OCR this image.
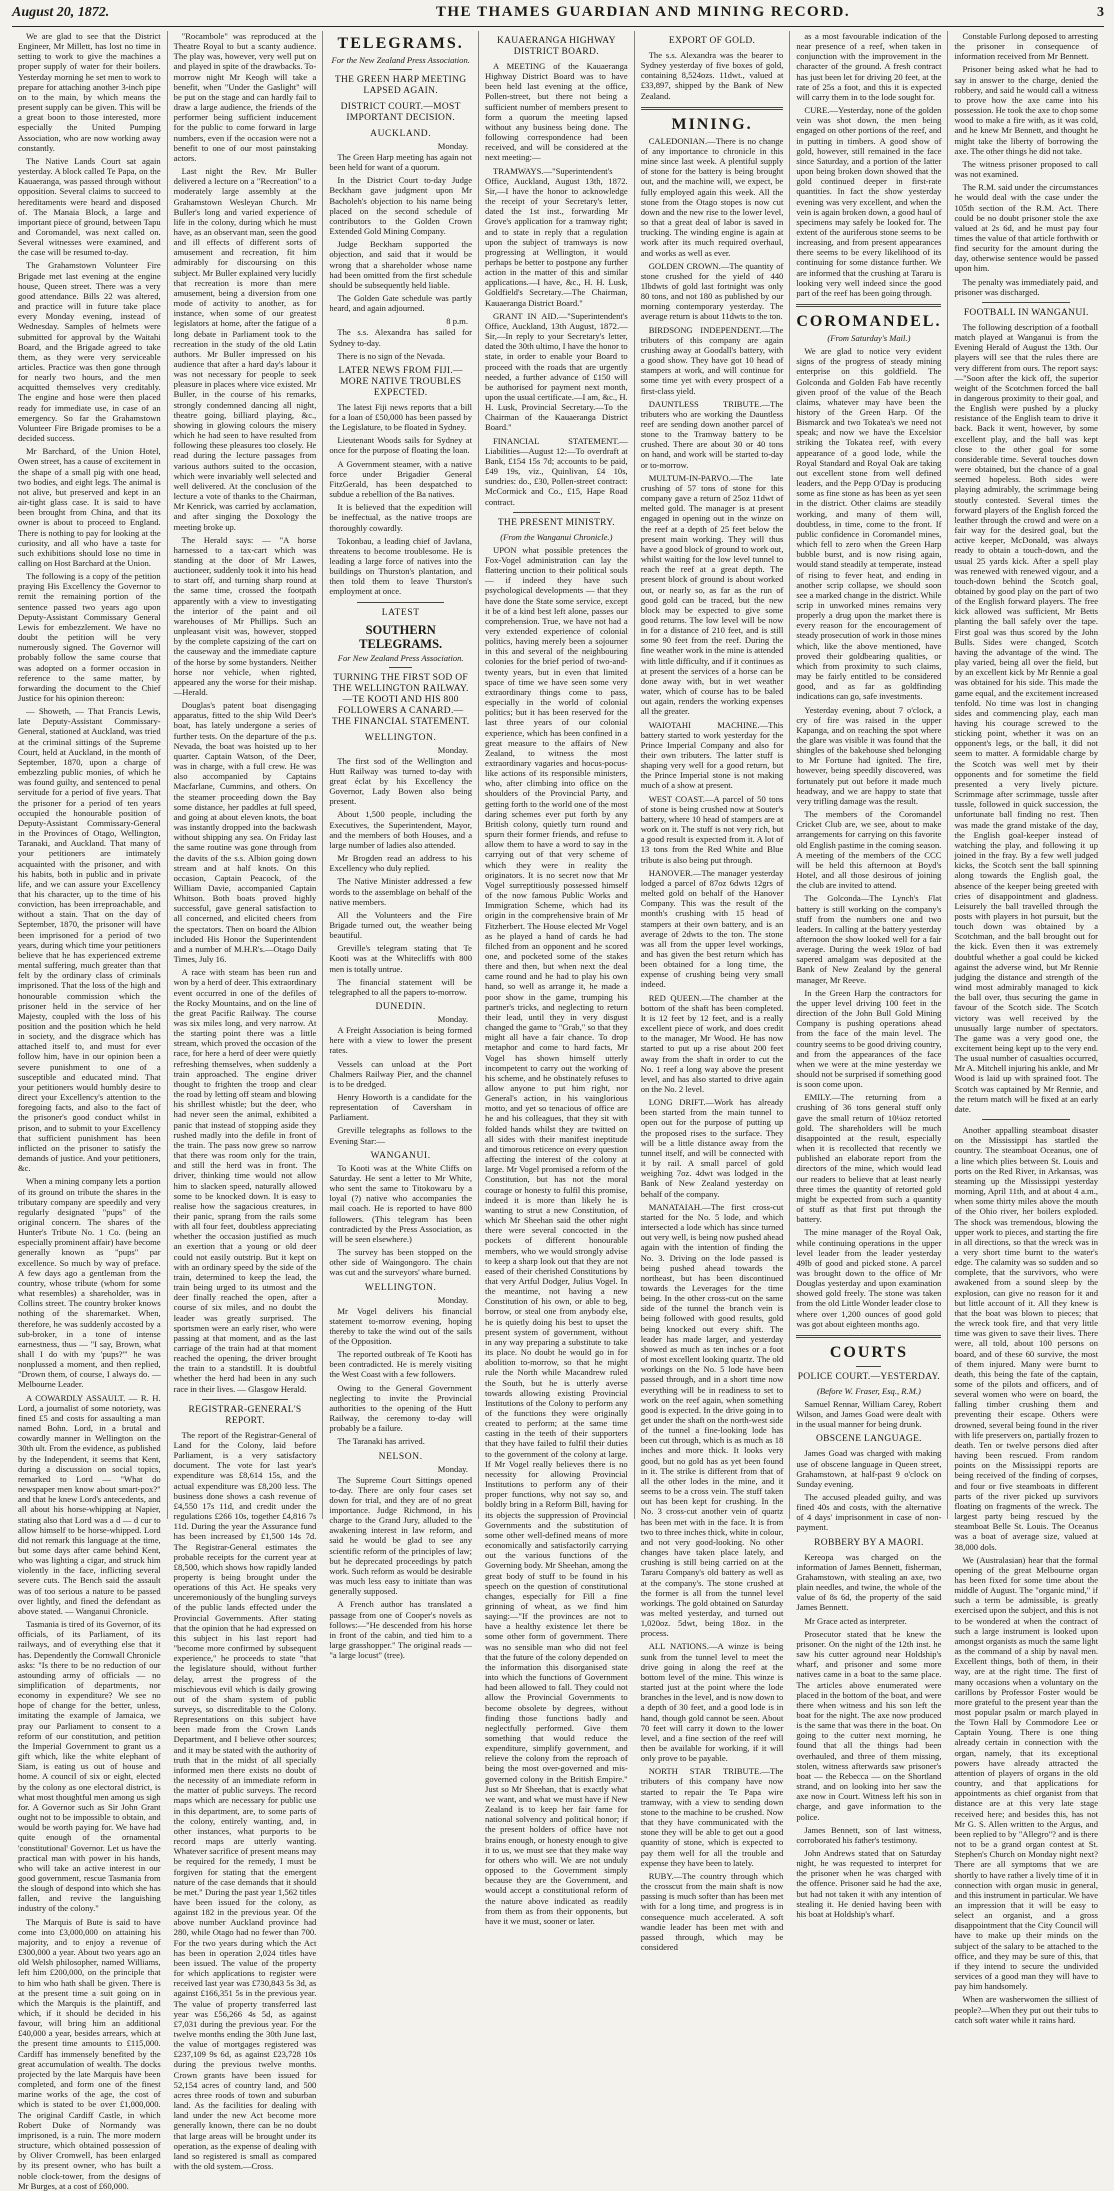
August 20, 1872.	THE THAMES GUARDIAN AND MINING RECORD.	3

We are glad to see that the District Engineer, Mr Millett, has lost no time in setting to work to give the machines a proper supply of water for their boilers. Yesterday morning he set men to work to prepare for attaching another 3-inch pipe on to the main, by which means the present supply can be given. This will be a great boon to those interested, more especially the United Pumping Association, who are now working away constantly.

The Native Lands Court sat again yesterday. A block called Te Papa, on the Kauaeranga, was passed through without opposition. Several claims to succeed to hereditaments were heard and disposed of. The Manaia Block, a large and important piece of ground, between Tapu and Coromandel, was next called on. Several witnesses were examined, and the case will be resumed to-day.

The Grahamstown Volunteer Fire Brigade met last evening at the engine house, Queen street. There was a very good attendance. Bills 22 was altered, and practice will in future take place every Monday evening, instead of Wednesday. Samples of helmets were submitted for approval by the Waitahi Board, and the Brigade agreed to take them, as they were very serviceable articles. Practice was then gone through for nearly two hours, and the men acquitted themselves very creditably. The engine and hose were then placed ready for immediate use, in case of an emergency. So far the Grahamstown Volunteer Fire Brigade promises to be a decided success.

Mr Barchard, of the Union Hotel, Owen street, has a cause of excitement in the shape of a small pig with one head, two bodies, and eight legs. The animal is not alive, but preserved and kept in an air-tight glass case. It is said to have been brought from China, and that its owner is about to proceed to England. There is nothing to pay for looking at the curiosity, and all who have a taste for such exhibitions should lose no time in calling on Host Barchard at the Union.

The following is a copy of the petition praying His Excellency the Governor to remit the remaining portion of the sentence passed two years ago upon Deputy-Assistant Commissary General Lewis for embezzlement. We have no doubt the petition will be very numerously signed. The Governor will probably follow the same course that was adopted on a former occasion in reference to the same matter, by forwarding the document to the Chief Justice for his opinion thereon:

— Showeth, — That Francis Lewis, late Deputy-Assistant Commissary-General, stationed at Auckland, was tried at the criminal sittings of the Supreme Court, held at Auckland, in the month of September, 1870, upon a charge of embezzling public monies, of which he was found guilty, and sentenced to penal servitude for a period of five years. That the prisoner for a period of ten years occupied the honourable position of Deputy-Assistant Commissary-General in the Provinces of Otago, Wellington, Taranaki, and Auckland. That many of your petitioners are intimately acquainted with the prisoner, and with his habits, both in public and in private life, and we can assure your Excellency that his character, up to the time of his conviction, has been irreproachable, and without a stain. That on the day of September, 1870, the prisoner will have been imprisoned for a period of two years, during which time your petitioners believe that he has experienced extreme mental suffering, much greater than that felt by the ordinary class of criminals imprisoned. That the loss of the high and honourable commission which the prisoner held in the service of her Majesty, coupled with the loss of his position and the position which he held in society, and the disgrace which has attached itself to, and must for ever follow him, have in our opinion been a severe punishment to one of a susceptible and educated mind. That your petitioners would humbly desire to direct your Excellency's attention to the foregoing facts, and also to the fact of the prisoner's good conduct whilst in prison, and to submit to your Excellency that sufficient punishment has been inflicted on the prisoner to satisfy the demands of justice. And your petitioners, &c.

When a mining company lets a portion of its ground on tribute the shares in the tributary company are speedily and very regularly designated "pups" of the original concern. The shares of the Hunter's Tribute No. 1 Co. (being an especially prominent affair) have become generally known as "pups" par excellence. So much by way of preface. A few days ago a gentleman from the country, whose tribute (whom for some what resembles) a shareholder, was in Collins street. The country broker knows nothing of the sharemarket. When, therefore, he was suddenly accosted by a sub-broker, in a tone of intense earnestness, thus — "I say, Brown, what shall I do with my 'pups?'" he was nonplussed a moment, and then replied, "Drown them, of course, I always do. — Melbourne Leader.

A COWARDLY ASSAULT. — R. H. Lord, a journalist of some notoriety, was fined £5 and costs for assaulting a man named Bohn. Lord, in a brutal and cowardly manner in Wellington on the 30th ult. From the evidence, as published by the Independent, it seems that Kent, during a discussion on social topics, remarked to Lord — "What do newspaper men know about smart-pox?" and that he knew Lord's antecedents, and all about his horse-whipping at Napier, stating also that Lord was a d — d cur to allow himself to be horse-whipped. Lord did not remark this language at the time, but some days after came behind Kent, who was lighting a cigar, and struck him violently in the face, inflicting several severe cuts. The Bench said the assault was of too serious a nature to be passed over lightly, and fined the defendant as above stated. — Wanganui Chronicle.

Tasmania is tired of its Governor, of its officials, of its Parliament, of its railways, and of everything else that it has. Dependently the Cornwall Chronicle asks: "Is there to be no reduction of our astounding army of officials — no simplification of departments, nor economy in expenditure? We see no hope of change for the better, unless, imitating the example of Jamaica, we pray our Parliament to consent to a reform of our constitution, and petition the Imperial Government to grant us a gift which, like the white elephant of Siam, is eating us out of house and home. A council of six or eight, elected by the colony as one electoral district, is what most thoughtful men among us sigh for. A Governor such as Sir John Grant ought not to be impossible to obtain, and would be worth paying for. We have had quite enough of the ornamental 'constitutional' Governor. Let us have the practical man with power in his hands, who will take an active interest in our good government, rescue Tasmania from the slough of despond into which she has fallen, and revive the languishing industry of the colony."

The Marquis of Bute is said to have come into £3,000,000 on attaining his majority, and to enjoy a revenue of £300,000 a year. About two years ago an old Welsh philosopher, named Williams, left him £200,000, on the principle that to him who hath shall be given. There is at the present time a suit going on in which the Marquis is the plaintiff, and which, if it should be decided in his favour, will bring him an additional £40,000 a year, besides arrears, which at the present time amounts to £115,000. Cardiff has immensely benefited by the great accumulation of wealth. The docks projected by the late Marquis have been completed, and form one of the finest marine works of the age, the cost of which is stated to be over £1,000,000. The original Cardiff Castle, in which Robert Duke of Normandy was imprisoned, is a ruin. The more modern structure, which obtained possession of by Oliver Cromwell, has been enlarged by its present owner, who has built a noble clock-tower, from the designs of Mr Burges, at a cost of £60,000.

"Rocambole" was reproduced at the Theatre Royal to but a scanty audience. The play was, however, very well put on and played in spite of the drawbacks. To-morrow night Mr Keogh will take a benefit, when "Under the Gaslight" will be put on the stage and can hardly fail to draw a large audience, the friends of the performer being sufficient inducement for the public to come forward in large numbers, even if the occasion were not a benefit to one of our most painstaking actors.

Last night the Rev. Mr Buller delivered a lecture on a "Recreation" to a moderately large assembly at the Grahamstown Wesleyan Church. Mr Buller's long and varied experience of life in the colony, during which he must have, as an observant man, seen the good and ill effects of different sorts of amusement and recreation, fit him admirably for discoursing on this subject. Mr Buller explained very lucidly that recreation is more than mere amusement, being a diversion from one mode of activity to another, as for instance, when some of our greatest legislators at home, after the fatigue of a long debate in Parliament took to the recreation in the study of the old Latin authors. Mr Buller impressed on his audience that after a hard day's labour it was not necessary for people to seek pleasure in places where vice existed. Mr Buller, in the course of his remarks, strongly condemned dancing all night, theatre going, billiard playing, &c., showing in glowing colours the misery which he had seen to have resulted from following these pleasures too closely. He read during the lecture passages from various authors suited to the occasion, which were invariably well selected and well delivered. At the conclusion of the lecture a vote of thanks to the Chairman, Mr Kenrick, was carried by acclamation, and after singing the Doxology the meeting broke up.

The Herald says: — "A horse harnessed to a tax-cart which was standing at the door of Mr Lawes, auctioneer, suddenly took it into his head to start off, and turning sharp round at the same time, crossed the footpath apparently with a view to investigating the interior of the paint and oil warehouses of Mr Phillips. Such an unpleasant visit was, however, stopped by the complete capsizing of the cart on the causeway and the immediate capture of the horse by some bystanders. Neither horse nor vehicle, when righted, appeared any the worse for their mishap.—Herald.

Douglas's patent boat disengaging apparatus, fitted to the ship Wild Deer's boat, has lately undergone a series of further tests. On the departure of the p.s. Nevada, the boat was hoisted up to her quarter. Captain Watson, of the Deer, was in charge, with a full crew. He was also accompanied by Captains Macfarlane, Cummins, and others. On the steamer proceeding down the Bay some distance, her paddles at full speed, and going at about eleven knots, the boat was instantly dropped into the backwash without shipping any sea. On Friday last the same routine was gone through from the davits of the s.s. Albion going down stream and at half knots. On this occasion, Captain Peacock, of the William Davie, accompanied Captain Whitson. Both boats proved highly successful, gave general satisfaction to all concerned, and elicited cheers from the spectators. Then on board the Albion included His Honor the Superintendent and a number of M.H.R's.—Otago Daily Times, July 16.

A race with steam has been run and won by a herd of deer. This extraordinary event occurred in one of the defiles of the Rocky Mountains, and on the line of the great Pacific Railway. The course was six miles long, and very narrow. At the starting point there was a little stream, which proved the occasion of the race, for here a herd of deer were quietly refreshing themselves, when suddenly a train approached. The engine driver thought to frighten the troop and clear the road by letting off steam and blowing his shrillest whistle; but the deer, who had never seen the animal, exhibited a panic that instead of stopping aside they rushed madly into the defile in front of the train. The pass now grew so narrow that there was room only for the train, and still the herd was in front. The driver, thinking time would not allow him to slacken speed, naturally allowed some to be knocked down. It is easy to realise how the sagacious creatures, in their panic, sprang from the rails some with all four feet, doubtless appreciating whether the occasion justified as much an exertion that a young or old deer could not easily outstrip. But it kept on with an ordinary speed by the side of the train, determined to keep the lead, the train being urged to its utmost and the deer finally reached the open, after a course of six miles, and no doubt the leader was greatly surprised. The sportsmen were an early riser, who were passing at that moment, and as the last carriage of the train had at that moment reached the opening, the driver brought the train to a standstill. It is doubtful whether the herd had been in any such race in their lives. — Glasgow Herald.

REGISTRAR-GENERAL'S REPORT.

The report of the Registrar-General of Land for the Colony, laid before Parliament, is a very satisfactory document. The vote for last year's expenditure was £8,614 15s, and the actual expenditure was £8,200 less. The business done shows a cash revenue of £4,550 17s 11d, and credit under the regulations £266 10s, together £4,816 7s 11d. During the year the Assurance fund has been increased by £1,500 14s 7d. The Registrar-General estimates the probable receipts for the current year at £8,500, which shows how rapidly landed property is being brought under the operations of this Act. He speaks very unceremoniously of the bungling surveys of the public lands effected under the Provincial Governments. After stating that the opinion that he had expressed on this subject in his last report had "become more confirmed by subsequent experience," he proceeds to state "that the legislature should, without further delay, arrest the progress of the mischievous evil which is daily growing out of the sham system of public surveys, so discreditable to the Colony. Representations on this subject have been made from the Crown Lands Department, and I believe other sources; and it may be stated with the authority of truth that in the midst of all specially informed men there exists no doubt of the necessity of an immediate reform in the matter of public surveys. The record maps which are necessary for public use in this department, are, to some parts of the colony, entirely wanting, and, in other instances, what purports to be record maps are utterly wanting. Whatever sacrifice of present means may be required for the remedy, I must be forgiven for stating that the emergent nature of the case demands that it should be met." During the past year 1,562 titles have been issued for the colony, as against 182 in the previous year. Of the above number Auckland province had 280, while Otago had no fewer than 700. For the two years during which the Act has been in operation 2,024 titles have been issued. The value of the property for which applications to register were received last year was £730,843 5s 3d, as against £166,351 5s in the previous year. The value of property transferred last year was £56,266 4s 5d, as against £7,031 during the previous year. For the twelve months ending the 30th June last, the value of mortgages registered was £237,109 9s 6d, as against £23,728 10s during the previous twelve months. Crown grants have been issued for 52,154 acres of country land, and 500 acres three roods of town and suburban land. As the facilities for dealing with land under the new Act become more generally known, there can be no doubt that large areas will be brought under its operation, as the expense of dealing with land so registered is small as compared with the old system.—Cross.

TELEGRAMS.
For the New Zealand Press Association.
THE GREEN HARP MEETING LAPSED AGAIN.
DISTRICT COURT.—MOST IMPORTANT DECISION.
AUCKLAND.
Monday.

The Green Harp meeting has again not been held for want of a quorum.

In the District Court to-day Judge Beckham gave judgment upon Mr Bacholeh's objection to his name being placed on the second schedule of contributors to the Golden Crown Extended Gold Mining Company.

Judge Beckham supported the objection, and said that it would be wrong that a shareholder whose name had been omitted from the first schedule should be subsequently held liable.

The Golden Gate schedule was partly heard, and again adjourned.

8 p.m.

The s.s. Alexandra has sailed for Sydney to-day.

There is no sign of the Nevada.

LATER NEWS FROM FIJI.—MORE NATIVE TROUBLES EXPECTED.

The latest Fiji news reports that a bill for a loan of £50,000 has been passed by the Legislature, to be floated in Sydney.

Lieutenant Woods sails for Sydney at once for the purpose of floating the loan.

A Government steamer, with a native force under Brigadier General FitzGerald, has been despatched to subdue a rebellion of the Ba natives.

It is believed that the expedition will be ineffectual, as the native troops are thoroughly cowardly.

Tokonbau, a leading chief of Javlana, threatens to become troublesome. He is leading a large force of natives into the buildings on Thurston's plantation, and then told them to leave Thurston's employment at once.

LATEST
SOUTHERN TELEGRAMS.
For New Zealand Press Association.
TURNING THE FIRST SOD OF THE WELLINGTON RAILWAY.—TE KOOTI AND HIS 800 FOLLOWERS A CANARD.—THE FINANCIAL STATEMENT.
WELLINGTON.
Monday.

The first sod of the Wellington and Hutt Railway was turned to-day with great éclat by his Excellency the Governor, Lady Bowen also being present.

About 1,500 people, including the Executives, the Superintendent, Mayor, and the members of both Houses, and a large number of ladies also attended.

Mr Brogden read an address to his Excellency who duly replied.

The Native Minister addressed a few words to the assemblage on behalf of the native members.

All the Volunteers and the Fire Brigade turned out, the weather being beautiful.

Greville's telegram stating that Te Kooti was at the Whitecliffs with 800 men is totally untrue.

The financial statement will be telegraphed to all the papers to-morrow.

DUNEDIN.
Monday.

A Freight Association is being formed here with a view to lower the present rates.

Vessels can unload at the Port Chalmers Railway Pier, and the channel is to be dredged.

Henry Howorth is a candidate for the representation of Caversham in Parliament.

Greville telegraphs as follows to the Evening Star:—

WANGANUI.

To Kooti was at the White Cliffs on Saturday. He sent a letter to Mr White, who sent the same to Titokowaru by a loyal (?) native who accompanies the mail coach. He is reported to have 800 followers. (This telegram has been contradicted by the Press Association, as will be seen elsewhere.)

The survey has been stopped on the other side of Waingongoro. The chain was cut and the surveyors' whare burned.

WELLINGTON.
Monday.

Mr Vogel delivers his financial statement to-morrow evening, hoping thereby to take the wind out of the sails of the Opposition.

The reported outbreak of Te Kooti has been contradicted. He is merely visiting the West Coast with a few followers.

Owing to the General Government neglecting to invite the Provincial authorities to the opening of the Hutt Railway, the ceremony to-day will probably be a failure.

The Taranaki has arrived.

NELSON.
Monday.

The Supreme Court Sittings opened to-day. There are only four cases set down for trial, and they are of no great importance. Judge Richmond, in his charge to the Grand Jury, alluded to the awakening interest in law reform, and said he would be glad to see any scientific reform of the principles of law; but he deprecated proceedings by patch work. Such reform as would be desirable was much less easy to initiate than was generally supposed.

A French author has translated a passage from one of Cooper's novels as follows:—"He descended from his horse in front of the cabin, and tied him to a large grasshopper." The original reads — "a large locust" (tree).

KAUAERANGA HIGHWAY DISTRICT BOARD.

A MEETING of the Kauaeranga Highway District Board was to have been held last evening at the office, Pollen-street, but there not being a sufficient number of members present to form a quorum the meeting lapsed without any business being done. The following correspondence had been received, and will be considered at the next meeting:—

TRAMWAYS.—"Superintendent's Office, Auckland, August 13th, 1872. Sir,—I have the honor to acknowledge the receipt of your Secretary's letter, dated the 1st inst., forwarding Mr Grove's application for a tramway right; and to state in reply that a regulation upon the subject of tramways is now progressing at Wellington, it would perhaps be better to postpone any further action in the matter of this and similar applications.—I have, &c., H. H. Lusk, Goldfield's Secretary.—The Chairman, Kauaeranga District Board."

GRANT IN AID.—"Superintendent's Office, Auckland, 13th August, 1872.—Sir,—In reply to your Secretary's letter, dated the 30th ultimo, I have the honor to state, in order to enable your Board to proceed with the roads that are urgently needed, a further advance of £150 will be authorised for payment next month, upon the usual certificate.—I am, &c., H. H. Lusk, Provincial Secretary.—To the Chairman of the Kauaeranga District Board."

FINANCIAL STATEMENT.—Liabilities—August 12:—To overdraft at Bank, £154 15s 7d; accounts to be paid, £49 19s, viz., Quinlivan, £4 10s, sundries: do., £30, Pollen-street contract: McCormick and Co., £15, Hape Road contract.

THE PRESENT MINISTRY.
(From the Wanganui Chronicle.)

UPON what possible pretences the Fox-Vogel administration can lay the flattering unction to their political souls — if indeed they have such psychological developments — that they have done the State some service, except it be of a kind best left alone, passes our comprehension. True, we have not had a very extended experience of colonial politics, having merely been a sojourner in this and several of the neighbouring colonies for the brief period of two-and-twenty years, but in even that limited space of time we have seen some very extraordinary things come to pass, especially in the world of colonial politics; but it has been reserved for the last three years of our colonial experience, which has been confined in a great measure to the affairs of New Zealand, to witness the most extraordinary vagaries and hocus-pocus-like actions of its responsible ministers, who, after climbing into office on the shoulders of the Provincial Party, and getting forth to the world one of the most daring schemes ever put forth by any British colony, quietly turn round and spurn their former friends, and refuse to allow them to have a word to say in the carrying out of that very scheme of which they were in reality the originators. It is no secret now that Mr Vogel surreptitiously possessed himself of the now famous Public Works and Immigration Scheme, which had its origin in the comprehensive brain of Mr Fitzherbert. The House elected Mr Vogel as he played a hand of cards he had filched from an opponent and he scored one, and pocketed some of the stakes there and then, but when next the deal came round and he had to play his own hand, so well as arrange it, he made a poor show in the game, trumping his partner's tricks, and neglecting to return their lead, until they in very disgust changed the game to "Grab," so that they might all have a fair chance. To drop metaphor and come to hard facts, Mr Vogel has shown himself utterly incompetent to carry out the working of his scheme, and he obstinately refuses to allow anyone to put him right, nor General's action, in his vainglorious motto, and yet so tenacious of office are he and his colleagues, that they sit with folded hands whilst they are twitted on all sides with their manifest ineptitude and timorous reticence on every question affecting the interest of the colony at large. Mr Vogel promised a reform of the Constitution, but has not the moral courage or honesty to fulfil this promise, indeed it is more than likely he is wanting to strut a new Constitution, of which Mr Sheehan said the other night there were several concocted in the pockets of different honourable members, who we would strongly advise to keep a sharp look out that they are not eased of their cherished Constitutions by that very Artful Dodger, Julius Vogel. In the meantime, not having a new Constitution of his own, or able to beg, borrow, or steal one from anybody else, he is quietly doing his best to upset the present system of government, without in any way preparing a substitute to take its place. No doubt he would go in for abolition to-morrow, so that he might rule the North while Macandrew ruled the South, but he is utterly averse towards allowing existing Provincial Institutions of the Colony to perform any of the functions they were originally created to perform; at the same time casting in the teeth of their supporters that they have failed to fulfil their duties to the government of the colony at large. If Mr Vogel really believes there is no necessity for allowing Provincial Institutions to perform any of their proper functions, why not say so, and boldly bring in a Reform Bill, having for its objects the suppression of Provincial Governments and the substitution of some other well-defined means of more economically and satisfactorily carrying out the various functions of the Governing body. Mr Sheehan, among the great body of stuff to be found in his speech on the question of constitutional changes, especially for Fill a fine grinning of wheat, as we find him saying:—"If the provinces are not to have a healthy existence let there be some other form of government. There was no sensible man who did not feel that the future of the colony depended on the information this disorganised state into which the functions of Government had been allowed to fall. They could not allow the Provincial Governments to become obsolete by degrees, without finding those functions badly and neglectfully performed. Give them something that would reduce the expenditure, simplify government, and relieve the colony from the reproach of being the most over-governed and mis-governed colony in the British Empire." Just so Mr Sheehan, that is exactly what we want, and what we must have if New Zealand is to keep her fair fame for national solvency and political honor; if the present holders of office have not brains enough, or honesty enough to give it to us, we must see that they make way for others who will. We are not unduly opposed to the Government simply because they are the Government, and would accept a constitutional reform of the nature above indicated as readily from them as from their opponents, but have it we must, sooner or later.

EXPORT OF GOLD.

The s.s. Alexandra was the bearer to Sydney yesterday of five boxes of gold, containing 8,524ozs. 11dwt., valued at £33,897, shipped by the Bank of New Zealand.

MINING.

CALEDONIAN.—There is no change of any importance to chronicle in this mine since last week. A plentiful supply of stone for the battery is being brought out, and the machine will, we expect, be fully employed again this week. All the stone from the Otago stopes is now cut down and the new rise to the lower level, so that a great deal of labor is saved in trucking. The winding engine is again at work after its much required overhaul, and works as well as ever.

GOLDEN CROWN.—The quantity of stone crushed for the yield of 440 1lbdwts of gold last fortnight was only 80 tons, and not 180 as published by our morning contemporary yesterday. The average return is about 11dwts to the ton.

BIRDSONG INDEPENDENT.—The tributers of this company are again crushing away at Goodall's battery, with a good show. They have got 10 head of stampers at work, and will continue for some time yet with every prospect of a first-class yield.

DAUNTLESS TRIBUTE.—The tributers who are working the Dauntless reef are sending down another parcel of stone to the Tramway battery to be crushed. There are about 30 or 40 tons on hand, and work will be started to-day or to-morrow.

MULTUM-IN-PARVO.—The late crushing of 57 tons of stone for this company gave a return of 25oz 11dwt of melted gold. The manager is at present engaged in opening out in the winze on the reef at a depth of 25 feet below the present main working. They will thus have a good block of ground to work out, whilst waiting for the low level tunnel to reach the reef at a great depth. The present block of ground is about worked out, or nearly so, as far as the run of good gold can be traced, but the new block may be expected to give some good returns. The low level will be now in for a distance of 210 feet, and is still some 90 feet from the reef. During the fine weather work in the mine is attended with little difficulty, and if it continues as at present the services of a horse can be done away with, but in wet weather water, which of course has to be baled out again, renders the working expenses all the greater.

WAIOTAHI MACHINE.—This battery started to work yesterday for the Prince Imperial Company and also for their own tributers. The latter stuff is shaping very well for a good return, but the Prince Imperial stone is not making much of a show at present.

WEST COAST.—A parcel of 50 tons of stone is being crushed now at Souter's battery, where 10 head of stampers are at work on it. The stuff is not very rich, but a good result is expected from it. A lot of 13 tons from the Red White and Blue tribute is also being put through.

HANOVER.—The manager yesterday lodged a parcel of 87oz 6dwts 12grs of melted gold on behalf of the Hanover Company. This was the result of the month's crushing with 15 head of stampers at their own battery, and is an average of 2dwts to the ton. The stone was all from the upper level workings, and has given the best return which has been obtained for a long time, the expense of crushing being very small indeed.

RED QUEEN.—The chamber at the bottom of the shaft has been completed. It is 12 feet by 12 feet, and is a really excellent piece of work, and does credit to the manager, Mr Wood. He has now started to put up a rise about 200 feet away from the shaft in order to cut the No. 1 reef a long way above the present level, and has also started to drive again on the No. 2 level.

LONG DRIFT.—Work has already been started from the main tunnel to open out for the purpose of putting up the proposed rises to the surface. They will be a little distance away from the tunnel itself, and will be connected with it by rail. A small parcel of gold weighing 7oz. 4dwt was lodged in the Bank of New Zealand yesterday on behalf of the company.

MANATAIAH.—The first cross-cut started for the No. 5 lode, and which intersected a lode which has since turned out very well, is being now pushed ahead again with the intention of finding the No. 3. Driving on the lode passed is being pushed ahead towards the northeast, but has been discontinued towards the Leverages for the time being. In the other cross-cut on the same side of the tunnel the branch vein is being followed with good results, gold being knocked out every shift. The leader has made larger, and yesterday showed as much as ten inches or a foot of most excellent looking quartz. The old workings on the No. 5 lode have been passed through, and in a short time now everything will be in readiness to set to work on the reef again, when something good is expected. In the drive going in to get under the shaft on the north-west side of the tunnel a fine-looking lode has been cut through, which is as much as 18 inches and more thick. It looks very good, but no gold has as yet been found in it. The strike is different from that of all the other lodes in the mine, and it seems to be a cross vein. The stuff taken out has been kept for crushing. In the No. 3 cross-cut another vein of quartz has been met with in the face. It is from two to three inches thick, white in colour, and not very good-looking. No other changes have taken place lately, and crushing is still being carried on at the Tararu Company's old battery as well as at the company's. The stone crushed at the former is all from the tunnel level workings. The gold obtained on Saturday was melted yesterday, and turned out 1,020oz. 5dwt, being 18oz. in the process.

ALL NATIONS.—A winze is being sunk from the tunnel level to meet the drive going in along the reef at the bottom level of the mine. This winze is started just at the point where the lode branches in the level, and is now down to a depth of 30 feet, and a good lode is in hand, though gold cannot be seen. About 70 feet will carry it down to the lower level, and a fine section of the reef will then be available for working, if it will only prove to be payable.

NORTH STAR TRIBUTE.—The tributers of this company have now started to repair the Te Papa wire tramway, with a view to sending down stone to the machine to be crushed. Now that they have communicated with the stone they will be able to get out a good quantity of stone, which is expected to pay them well for all the trouble and expense they have been to lately.

RUBY.—The country through which the crosscut from the main shaft is now passing is much softer than has been met with for a long time, and progress is in consequence much accelerated. A soft wandie leader has been met with and passed through, which may be considered

as a most favourable indication of the near presence of a reef, when taken in conjunction with the improvement in the character of the ground. A fresh contract has just been let for driving 20 feet, at the rate of 25s a foot, and this it is expected will carry them in to the lode sought for.

CURE.—Yesterday, none of the golden vein was shot down, the men being engaged on other portions of the reef, and in putting in timbers. A good show of gold, however, still remained in the face since Saturday, and a portion of the latter upon being broken down showed that the gold continued deeper in first-rate quantities. In fact the show yesterday evening was very excellent, and when the vein is again broken down, a good haul of specimens may safely be looked for. The extent of the auriferous stone seems to be increasing, and from present appearances there seems to be every likelihood of its continuing for some distance further. We are informed that the crushing at Tararu is looking very well indeed since the good part of the reef has been going through.

COROMANDEL.
(From Saturday's Mail.)

We are glad to notice very evident signs of the progress of steady mining enterprise on this goldfield. The Golconda and Golden Fab have recently given proof of the value of the Beach claims, whatever may have been the history of the Green Harp. Of the Bismarck and two Tokatea's we need not speak; and now we have the Excelsior striking the Tokatea reef, with every appearance of a good lode, while the Royal Standard and Royal Oak are taking out excellent stone from well defined leaders, and the Pepp O'Day is producing some as fine stone as has been as yet seen in the district. Other claims are steadily working, and many of them will, doubtless, in time, come to the front. If public confidence in Coromandel mines, which fell to zero when the Green Harp bubble burst, and is now rising again, would stand steadily at temperate, instead of rising to fever heat, and ending in another scrip collapse, we should soon see a marked change in the district. While scrip in unworked mines remains very properly a drug upon the market there is every reason for the encouragement of steady prosecution of work in those mines which, like the above mentioned, have proved their goldbearing qualities, or which from proximity to such claims, may be fairly entitled to be considered good, and as far as goldfinding indications can go, safe investments.

Yesterday evening, about 7 o'clock, a cry of fire was raised in the upper Kapanga, and on reaching the spot where the glare was visible it was found that the shingles of the bakehouse shed belonging to Mr Fortune had ignited. The fire, however, being speedily discovered, was fortunately put out before it made much headway, and we are happy to state that very trifling damage was the result.

The members of the Coromandel Cricket Club are, we see, about to make arrangements for carrying on this favorite old English pastime in the coming season. A meeting of the members of the CCC will be held this afternoon at Boyd's Hotel, and all those desirous of joining the club are invited to attend.

The Golconda—The Lynch's Flat battery is still working on the company's stuff from the numbers one and two leaders. In calling at the battery yesterday afternoon the show looked well for a fair average. During the week 19loz of bad sapered amalgam was deposited at the Bank of New Zealand by the general manager, Mr Reeve.

In the Green Harp the contractors for the upper level driving 100 feet in the direction of the John Bull Gold Mining Company is pushing operations ahead from the face of the main level. The country seems to be good driving country, and from the appearances of the face when we were at the mine yesterday we should not be surprised if something good is soon come upon.

EMILY.—The returning from a crushing of 36 tons general stuff only gave the small return of 10¼oz retorted gold. The shareholders will be much disappointed at the result, especially when it is recollected that recently we published an elaborate report from the directors of the mine, which would lead our readers to believe that at least nearly three times the quantity of retorted gold might be expected from such a quantity of stuff as that first put through the battery.

The mine manager of the Royal Oak, while continuing operations in the upper level leader from the leader yesterday 49lb of good and picked stone. A parcel was brought down to the office of Mr Douglas yesterday and upon examination showed gold freely. The stone was taken from the old Little Wonder leader close to where over 1,200 ounces of good gold was got about eighteen months ago.

COURTS
POLICE COURT.—YESTERDAY.
(Before W. Fraser, Esq., R.M.)

Samuel Rennar, William Carey, Robert Wilson, and James Goad were dealt with in the usual manner for being drunk.

OBSCENE LANGUAGE.

James Goad was charged with making use of obscene language in Queen street, Grahamstown, at half-past 9 o'clock on Sunday evening.

The accused pleaded guilty, and was fined 40s and costs, with the alternative of 4 days' imprisonment in case of non-payment.

ROBBERY BY A MAORI.

Kereopa was charged on the information of James Bennett, fisherman, Grahamstown, with stealing an axe, two plain needles, and twine, the whole of the value of 8s 6d, the property of the said James Bennett.

Mr Grace acted as interpreter.

Prosecutor stated that he knew the prisoner. On the night of the 12th inst. he saw his cutter aground near Holdship's wharf, and prisoner and some more natives came in a boat to the same place. The articles above enumerated were placed in the bottom of the boat, and were there when witness and his son left the boat for the night. The axe now produced is the same that was there in the boat. On going to the cutter next morning, he found that all the things had been overhauled, and three of them missing, stolen, witness afterwards saw prisoner's boat — the Rebecca — on the Shortland strand, and on looking into her saw the axe now in Court. Witness left his son in charge, and gave information to the police.

James Bennett, son of last witness, corroborated his father's testimony.

John Andrews stated that on Saturday night, he was requested to interpret for the prisoner when he was charged with the offence. Prisoner said he had the axe, but had not taken it with any intention of stealing it. He denied having been with his boat at Holdship's wharf.

Constable Furlong deposed to arresting the prisoner in consequence of information received from Mr Bennett.

Prisoner being asked what he had to say in answer to the charge, denied the robbery, and said he would call a witness to prove how the axe came into his possession. He took the axe to chop some wood to make a fire with, as it was cold, and he knew Mr Bennett, and thought he might take the liberty of borrowing the axe. The other things he did not take.

The witness prisoner proposed to call was not examined.

The R.M. said under the circumstances he would deal with the case under the 105th section of the R.M. Act. There could be no doubt prisoner stole the axe valued at 2s 6d, and he must pay four times the value of that article forthwith or find security for the amount during the day, otherwise sentence would be passed upon him.

The penalty was immediately paid, and prisoner was discharged.

FOOTBALL IN WANGANUI.

The following description of a football match played at Wanganui is from the Evening Herald of August the 13th. Our players will see that the rules there are very different from ours. The report says:—"Soon after the kick off, the superior weight of the Scotchmen forced the ball in dangerous proximity to their goal, and the English were pushed by a plucky resistance of the English team to drive it back. Back it went, however, by some excellent play, and the ball was kept close to the other goal for some considerable time. Several touches down were obtained, but the chance of a goal seemed hopeless. Both sides were playing admirably, the scrimmage being stoutly contested. Several times the forward players of the English forced the leather through the crowd and were on a fair way for the desired goal, but the active keeper, McDonald, was always ready to obtain a touch-down, and the usual 25 yards kick. After a spell play was renewed with renewed vigour, and a touch-down behind the Scotch goal, obtained by good play on the part of two of the English forward players. The free kick allowed was sufficient, Mr Betts planting the ball safely over the tape. First goal was thus scored by the John Bulls. Sides were changed, Scotch having the advantage of the wind. The play varied, being all over the field, but by an excellent kick by Mr Rennie a goal was obtained for his side. This made the game equal, and the excitement increased tenfold. No time was lost in changing sides and commencing play, each man having his courage screwed to the sticking point, whether it was on an opponent's legs, or the ball, it did not seem to matter. A formidable charge by the Scotch was well met by their opponents and for sometime the field presented a very lively picture. Scrimmage after scrimmage, tussle after tussle, followed in quick succession, the unfortunate ball finding no rest. Then was made the grand mistake of the day, the English goal-keeper instead of watching the play, and following it up joined in the fray. By a few well judged kicks, the Scotch sent the ball spinning along towards the English goal, the absence of the keeper being greeted with cries of disappointment and gladness. Leisurely the ball travelled through the posts with players in hot pursuit, but the touch down was obtained by a Scotchman, and the ball brought out for the kick. Even then it was extremely doubtful whether a goal could be kicked against the adverse wind, but Mr Rennie judging the distance and strength of the wind most admirably managed to kick the ball over, thus securing the game in favour of the Scotch side. The Scotch victory was well received by the unusually large number of spectators. The game was a very good one, the excitement being kept up to the very end. The usual number of casualties occurred, Mr A. Mitchell injuring his ankle, and Mr Wood is laid up with sprained foot. The Scotch was captained by Mr Rennie, and the return match will be fixed at an early date.

Another appalling steamboat disaster on the Mississippi has startled the country. The steamboat Oceanus, one of a line which plies between St. Louis and ports on the Red River, in Arkansas, was steaming up the Mississippi yesterday morning, April 11th, and at about 4 a.m., when some thirty miles above the mouth of the Ohio river, her boilers exploded. The shock was tremendous, blowing the upper work to pieces, and starting the fire in all directions, so that the wreck was in a very short time burnt to the water's edge. The calamity was so sudden and so complete, that the survivors, who were awakened from a sound sleep by the explosion, can give no reason for it and but little account of it. All they knew is that the boat was blown to pieces; that the wreck took fire, and that very little time was given to save their lives. There were, all told, about 100 persons on board, and of these 60 survive, the most of them injured. Many were burnt to death, this being the fate of the captain, some of the pilots and officers, and of several women who were on board, the falling timber crushing them and preventing their escape. Others were drowned, several being found in the river with life preservers on, partially frozen to death. Ten or twelve persons died after having been rescued. From random points on the Mississippi reports are being received of the finding of corpses, and four or five steamboats in different parts of the river picked up survivors floating on fragments of the wreck. The largest party being rescued by the steamboat Belle St. Louis. The Oceanus was a boat of average size, valued at 38,000 dols.

We (Australasian) hear that the formal opening of the great Melbourne organ has been fixed for some time about the middle of August. The "organic mind," if such a term be admissible, is greatly exercised upon the subject, and this is not to be wondered at when the contract of such a large instrument is looked upon amongst organists as much the same light as the command of a ship by naval men. Excellent things, both of them, in their way, are at the right time. The first of many occasions when a voluntary on the carillons by Professor Foster would be more grateful to the present year than the most popular psalm or march played in the Town Hall by Commodore Lee or Captain Young. There is one thing already certain in connection with the organ, namely, that its exceptional powers have already attracted the attention of players of organs in the old country, and that applications for appointments as chief organist from that distance are at this very late stage received here; and besides this, has not Mr G. S. Allen written to the Argus, and been replied to by "Allegro"? and is there not to be a grand organ contest at St. Stephen's Church on Monday night next? There are all symptoms that we are shortly to have rather a lively time of it in connection with organ music in general, and this instrument in particular. We have an impression that it will be easy to select an organist, and a gross disappointment that the City Council will have to make up their minds on the subject of the salary to be attached to the office, and they may be sure of this, that if they intend to secure the undivided services of a good man they will have to pay him handsomely.

When are washerwomen the silliest of people?—When they put out their tubs to catch soft water while it rains hard.
